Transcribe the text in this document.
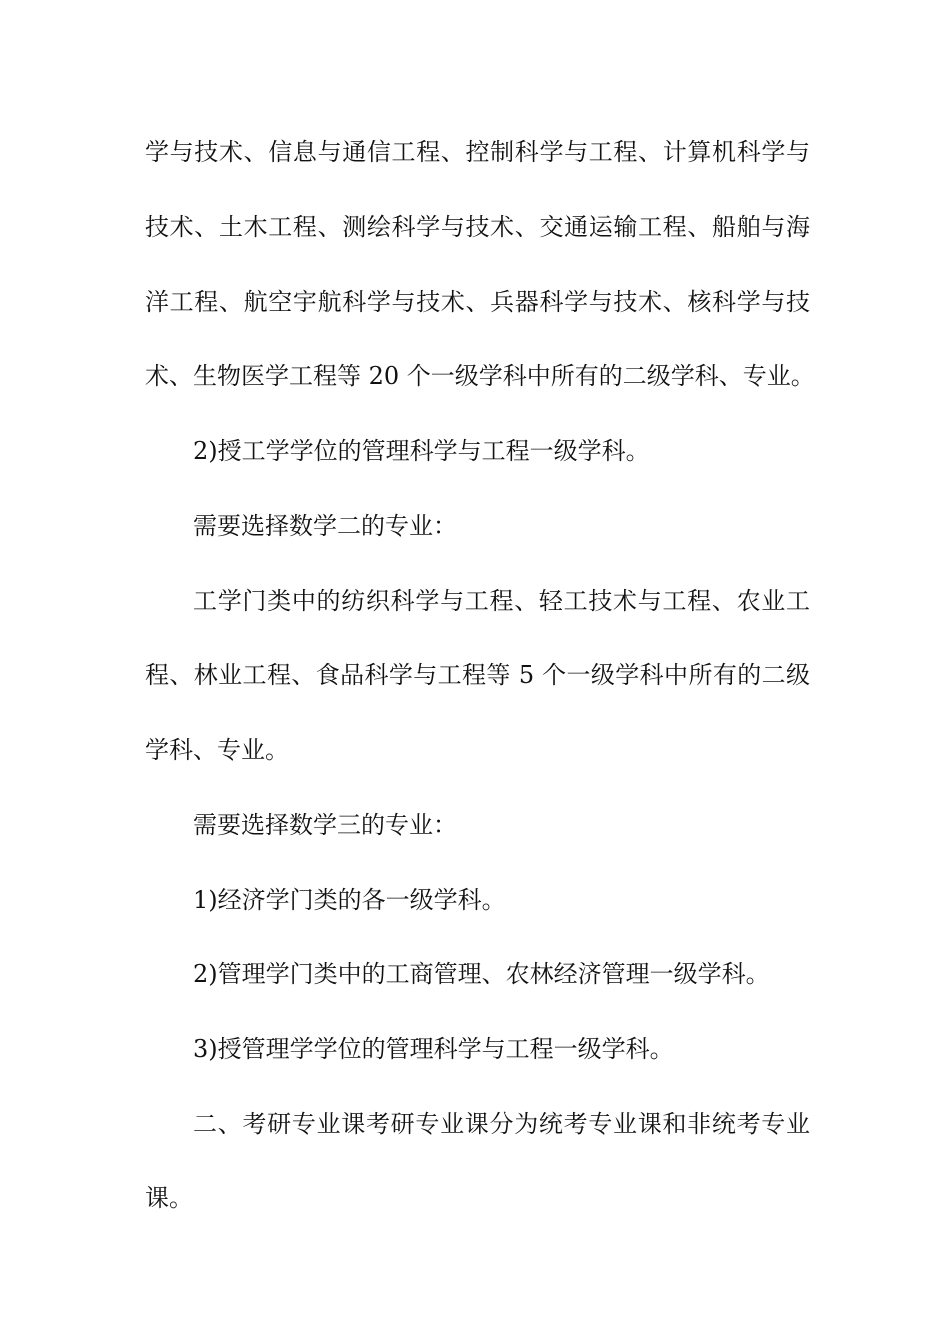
学与技术、信息与通信工程、控制科学与工程、计算机科学与
技术、土木工程、测绘科学与技术、交通运输工程、船舶与海
洋工程、航空宇航科学与技术、兵器科学与技术、核科学与技
术、生物医学工程等 20 个一级学科中所有的二级学科、专业。
2)授工学学位的管理科学与工程一级学科。
需要选择数学二的专业：
工学门类中的纺织科学与工程、轻工技术与工程、农业工
程、林业工程、食品科学与工程等 5 个一级学科中所有的二级
学科、专业。
需要选择数学三的专业：
1)经济学门类的各一级学科。
2)管理学门类中的工商管理、农林经济管理一级学科。
3)授管理学学位的管理科学与工程一级学科。
二、考研专业课考研专业课分为统考专业课和非统考专业
课。
